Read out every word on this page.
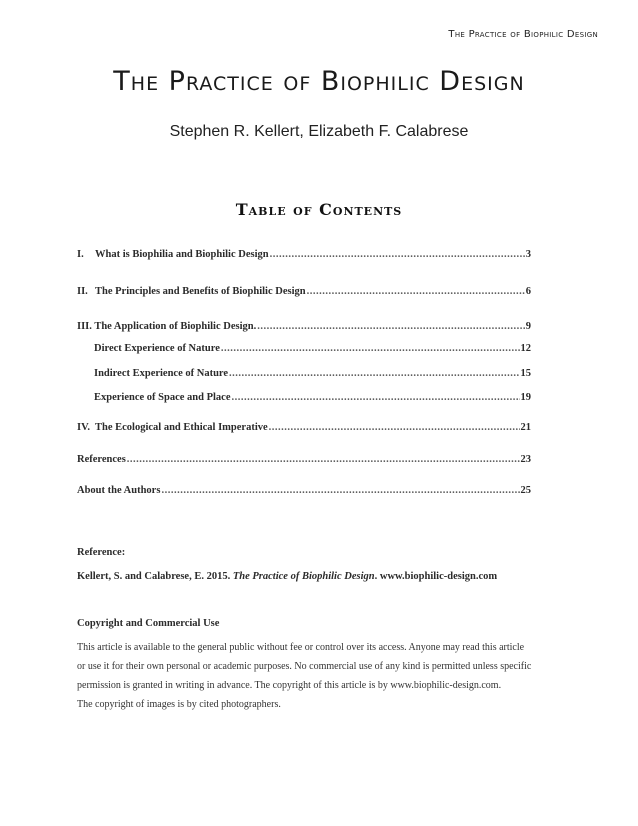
The Practice of Biophilic Design
The Practice of Biophilic Design
Stephen R. Kellert, Elizabeth F. Calabrese
Table of Contents
I.	What is Biophilia and Biophilic Design .....	3
II. The Principles and Benefits of Biophilic Design .....	6
III. The Application of Biophilic Design. .....	9
Direct Experience of Nature .....	12
Indirect Experience of Nature .....	15
Experience of Space and Place .....	19
IV. The Ecological and Ethical Imperative .....	21
References .....	23
About the Authors .....	25
Reference:
Kellert, S. and Calabrese, E. 2015. The Practice of Biophilic Design. www.biophilic-design.com
Copyright and Commercial Use

This article is available to the general public without fee or control over its access. Anyone may read this article

or use it for their own personal or academic purposes. No commercial use of any kind is permitted unless specific

permission is granted in writing in advance. The copyright of this article is by www.biophilic-design.com.

The copyright of images is by cited photographers.
